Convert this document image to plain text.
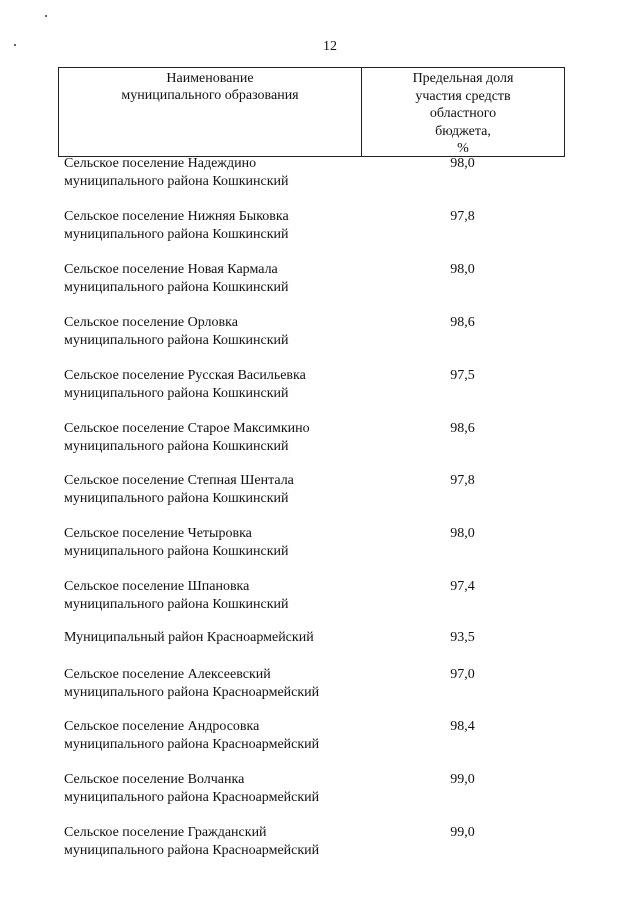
12
Наименование
муниципального образования
Предельная доля
участия средств
областного
бюджета,
%
Сельское поселение Надеждино
муниципального района Кошкинский
98,0
Сельское поселение Нижняя Быковка
муниципального района Кошкинский
97,8
Сельское поселение Новая Кармала
муниципального района Кошкинский
98,0
Сельское поселение Орловка
муниципального района Кошкинский
98,6
Сельское поселение Русская Васильевка
муниципального района Кошкинский
97,5
Сельское поселение Старое Максимкино
муниципального района Кошкинский
98,6
Сельское поселение Степная Шентала
муниципального района Кошкинский
97,8
Сельское поселение Четыровка
муниципального района Кошкинский
98,0
Сельское поселение Шпановка
муниципального района Кошкинский
97,4
Муниципальный район Красноармейский	93,5
Сельское поселение Алексеевский
муниципального района Красноармейский
97,0
Сельское поселение Андросовка
муниципального района Красноармейский
98,4
Сельское поселение Волчанка
муниципального района Красноармейский
99,0
Сельское поселение Гражданский
муниципального района Красноармейский
99,0
